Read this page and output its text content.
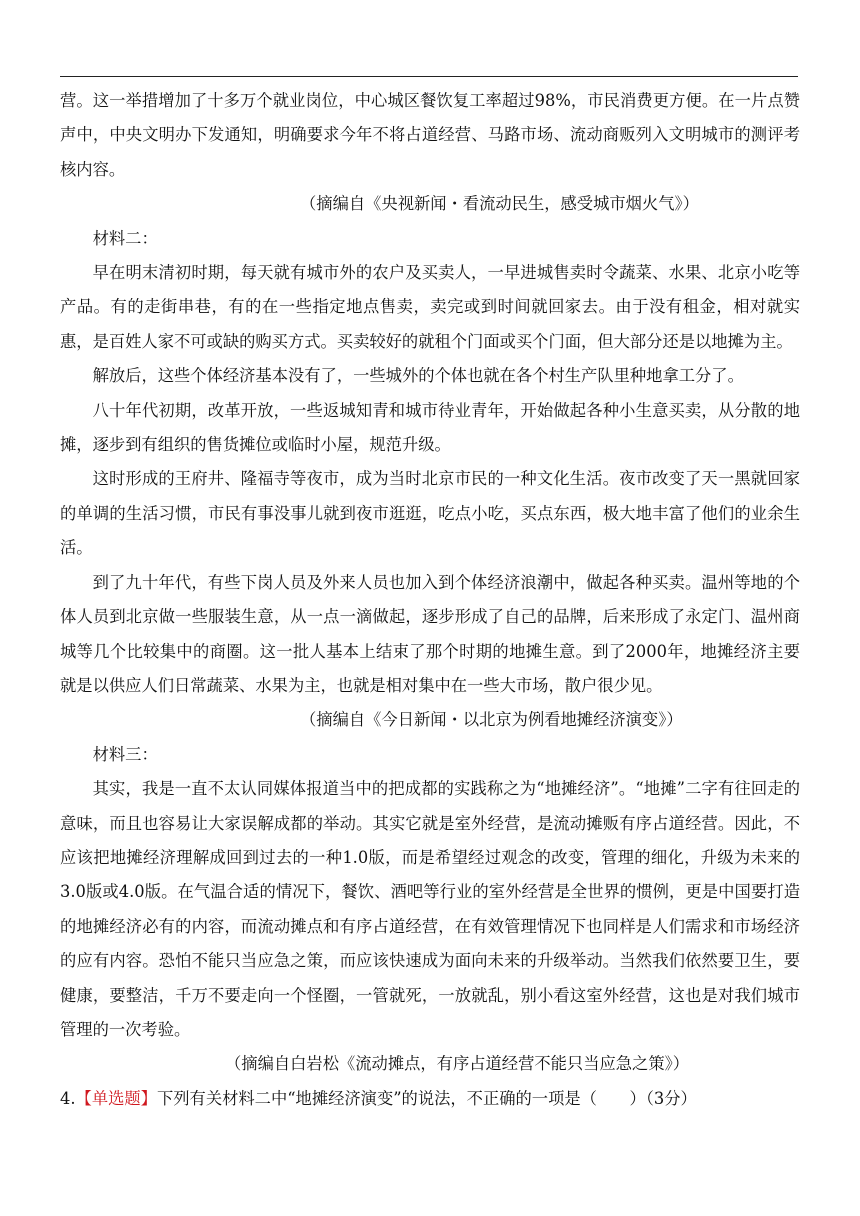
营。这一举措增加了十多万个就业岗位，中心城区餐饮复工率超过98%，市民消费更方便。在一片点赞声中，中央文明办下发通知，明确要求今年不将占道经营、马路市场、流动商贩列入文明城市的测评考核内容。

（摘编自《央视新闻・看流动民生，感受城市烟火气》）

材料二：

早在明末清初时期，每天就有城市外的农户及买卖人，一早进城售卖时令蔬菜、水果、北京小吃等产品。有的走街串巷，有的在一些指定地点售卖，卖完或到时间就回家去。由于没有租金，相对就实惠，是百姓人家不可或缺的购买方式。买卖较好的就租个门面或买个门面，但大部分还是以地摊为主。

解放后，这些个体经济基本没有了，一些城外的个体也就在各个村生产队里种地拿工分了。

八十年代初期，改革开放，一些返城知青和城市待业青年，开始做起各种小生意买卖，从分散的地摊，逐步到有组织的售货摊位或临时小屋，规范升级。

这时形成的王府井、隆福寺等夜市，成为当时北京市民的一种文化生活。夜市改变了天一黑就回家的单调的生活习惯，市民有事没事儿就到夜市逛逛，吃点小吃，买点东西，极大地丰富了他们的业余生活。

到了九十年代，有些下岗人员及外来人员也加入到个体经济浪潮中，做起各种买卖。温州等地的个体人员到北京做一些服装生意，从一点一滴做起，逐步形成了自己的品牌，后来形成了永定门、温州商城等几个比较集中的商圈。这一批人基本上结束了那个时期的地摊生意。到了2000年，地摊经济主要就是以供应人们日常蔬菜、水果为主，也就是相对集中在一些大市场，散户很少见。

（摘编自《今日新闻・以北京为例看地摊经济演变》）

材料三：

其实，我是一直不太认同媒体报道当中的把成都的实践称之为“地摊经济”。“地摊”二字有往回走的意味，而且也容易让大家误解成都的举动。其实它就是室外经营，是流动摊贩有序占道经营。因此，不应该把地摊经济理解成回到过去的一种1.0版，而是希望经过观念的改变，管理的细化，升级为未来的3.0版或4.0版。在气温合适的情况下，餐饮、酒吧等行业的室外经营是全世界的惯例，更是中国要打造的地摊经济必有的内容，而流动摊点和有序占道经营，在有效管理情况下也同样是人们需求和市场经济的应有内容。恐怕不能只当应急之策，而应该快速成为面向未来的升级举动。当然我们依然要卫生，要健康，要整洁，千万不要走向一个怪圈，一管就死，一放就乱，别小看这室外经营，这也是对我们城市管理的一次考验。

（摘编自白岩松《流动摊点，有序占道经营不能只当应急之策》）

4.【单选题】下列有关材料二中“地摊经济演变”的说法，不正确的一项是（　　）（3分）
